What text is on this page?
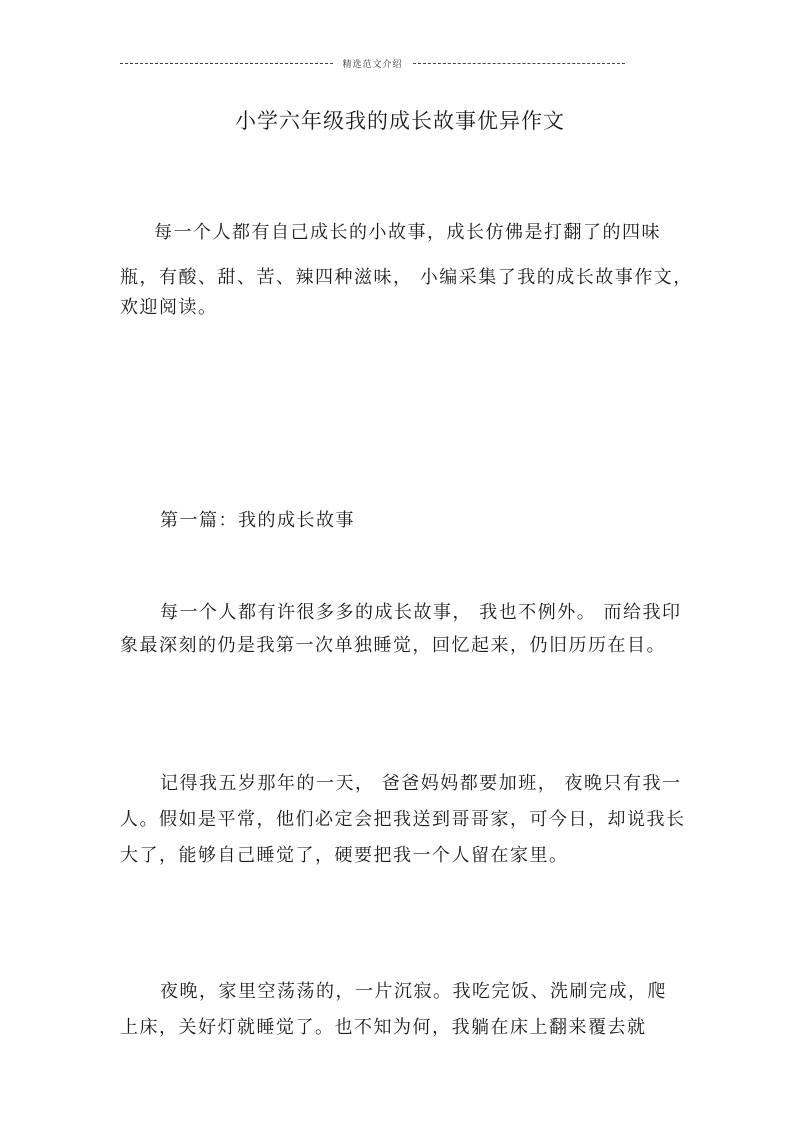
精选范文介绍
小学六年级我的成长故事优异作文
每一个人都有自己成长的小故事，成长仿佛是打翻了的四味
瓶，有酸、甜、苦、辣四种滋味， 小编采集了我的成长故事作文，
欢迎阅读。
第一篇：我的成长故事
每一个人都有许很多多的成长故事， 我也不例外。 而给我印
象最深刻的仍是我第一次单独睡觉，回忆起来，仍旧历历在目。
记得我五岁那年的一天， 爸爸妈妈都要加班， 夜晚只有我一
人。假如是平常，他们必定会把我送到哥哥家，可今日，却说我长
大了，能够自己睡觉了，硬要把我一个人留在家里。
夜晚，家里空荡荡的，一片沉寂。我吃完饭、洗刷完成，爬
上床，关好灯就睡觉了。也不知为何，我躺在床上翻来覆去就
